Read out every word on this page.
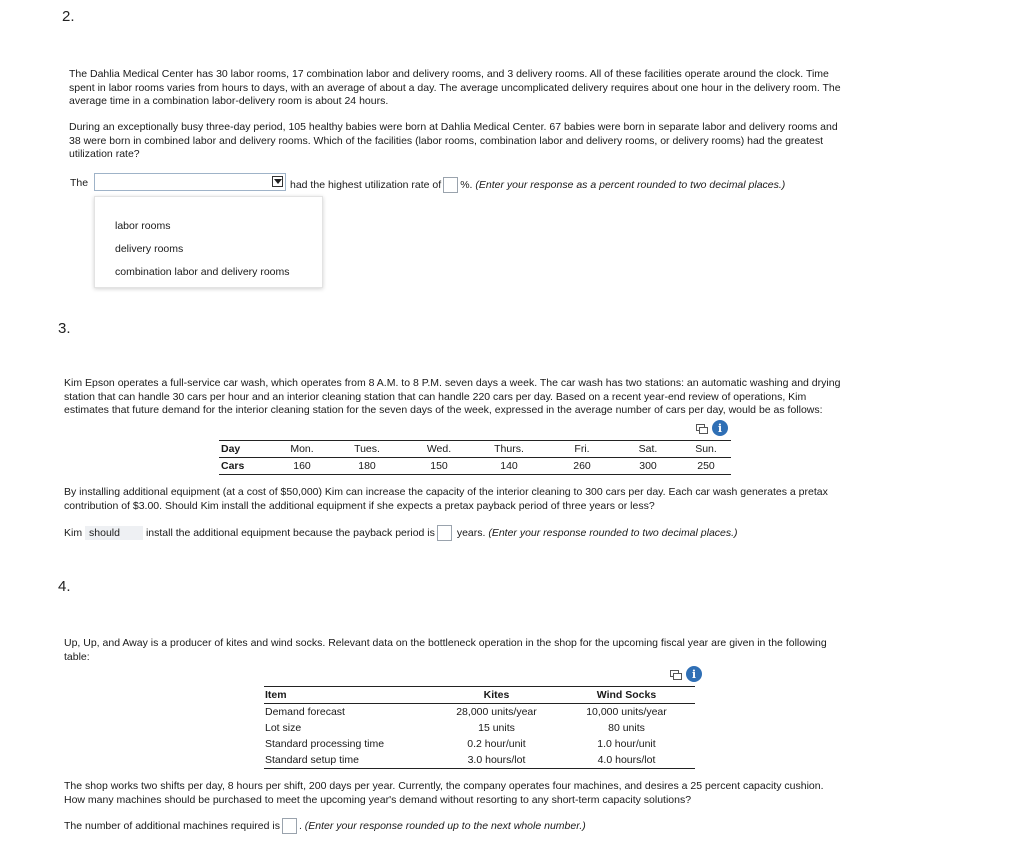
2.
The Dahlia Medical Center has 30 labor rooms, 17 combination labor and delivery rooms, and 3 delivery rooms. All of these facilities operate around the clock. Time
spent in labor rooms varies from hours to days, with an average of about a day. The average uncomplicated delivery requires about one hour in the delivery room. The
average time in a combination labor-delivery room is about 24 hours.
During an exceptionally busy three-day period, 105 healthy babies were born at Dahlia Medical Center. 67 babies were born in separate labor and delivery rooms and
38 were born in combined labor and delivery rooms. Which of the facilities (labor rooms, combination labor and delivery rooms, or delivery rooms) had the greatest
utilization rate?
The	had the highest utilization rate of %. (Enter your response as a percent rounded to two decimal places.)
labor rooms
delivery rooms
combination labor and delivery rooms
3.
Kim Epson operates a full-service car wash, which operates from 8 A.M. to 8 P.M. seven days a week. The car wash has two stations: an automatic washing and drying
station that can handle 30 cars per hour and an interior cleaning station that can handle 220 cars per day. Based on a recent year-end review of operations, Kim
estimates that future demand for the interior cleaning station for the seven days of the week, expressed in the average number of cars per day, would be as follows:
i
Day	Mon.	Tues.	Wed.	Thurs.	Fri.	Sat.	Sun.
Cars	160	180	150	140	260	300	250
By installing additional equipment (at a cost of $50,000) Kim can increase the capacity of the interior cleaning to 300 cars per day. Each car wash generates a pretax
contribution of $3.00. Should Kim install the additional equipment if she expects a pretax payback period of three years or less?
Kim should install the additional equipment because the payback period is years. (Enter your response rounded to two decimal places.)
4.
Up, Up, and Away is a producer of kites and wind socks. Relevant data on the bottleneck operation in the shop for the upcoming fiscal year are given in the following
table:
i
Item	Kites	Wind Socks
Demand forecast	28,000 units/year	10,000 units/year
Lot size	15 units	80 units
Standard processing time	0.2 hour/unit	1.0 hour/unit
Standard setup time	3.0 hours/lot	4.0 hours/lot
The shop works two shifts per day, 8 hours per shift, 200 days per year. Currently, the company operates four machines, and desires a 25 percent capacity cushion.
How many machines should be purchased to meet the upcoming year's demand without resorting to any short-term capacity solutions?
The number of additional machines required is . (Enter your response rounded up to the next whole number.)
